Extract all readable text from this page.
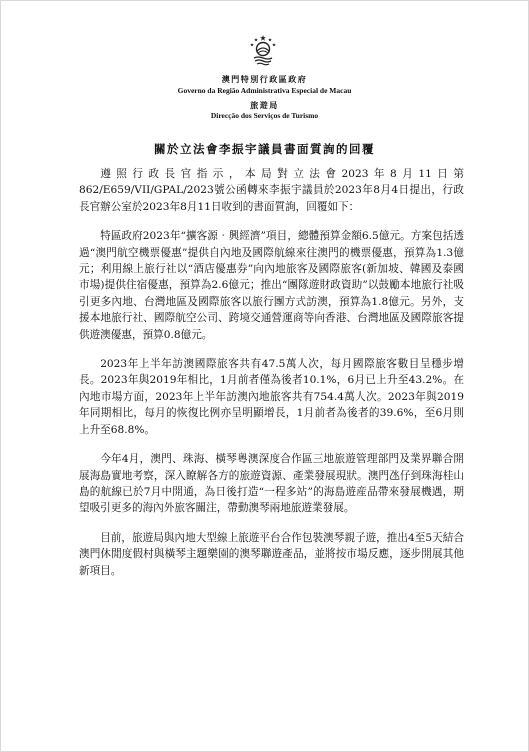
澳門特別行政區政府
Governo da Região Administrativa Especial de Macau
旅遊局
Direcção dos Serviços de Turismo
關於立法會李振宇議員書面質詢的回覆

遵照行政長官指示，本局對立法會2023年8月11日第862/E659/VII/GPAL/2023號公函轉來李振宇議員於2023年8月4日提出，行政長官辦公室於2023年8月11日收到的書面質詢，回覆如下：

特區政府2023年“擴客源‧興經濟”項目，總體預算金額6.5億元。方案包括透過“澳門航空機票優惠”提供自內地及國際航線來往澳門的機票優惠，預算為1.3億元；利用線上旅行社以“酒店優惠券”向內地旅客及國際旅客(新加坡、韓國及泰國市場)提供住宿優惠，預算為2.6億元；推出“團隊遊財政資助”以鼓勵本地旅行社吸引更多內地、台灣地區及國際旅客以旅行團方式訪澳，預算為1.8億元。另外，支援本地旅行社、國際航空公司、跨境交通營運商等向香港、台灣地區及國際旅客提供遊澳優惠，預算0.8億元。

2023年上半年訪澳國際旅客共有47.5萬人次，每月國際旅客數目呈穩步增長。2023年與2019年相比，1月前者僅為後者10.1%，6月已上升至43.2%。在內地市場方面，2023年上半年訪澳內地旅客共有754.4萬人次。2023年與2019年同期相比，每月的恢復比例亦呈明顯增長，1月前者為後者的39.6%，至6月則上升至68.8%。

今年4月，澳門、珠海、橫琴粵澳深度合作區三地旅遊管理部門及業界聯合開展海島實地考察，深入瞭解各方的旅遊資源、產業發展現狀。澳門氹仔到珠海桂山島的航線已於7月中開通，為日後打造“一程多站”的海島遊産品帶來發展機遇，期望吸引更多的海內外旅客關注，帶動澳琴兩地旅遊業發展。

目前，旅遊局與內地大型線上旅遊平台合作包裝澳琴親子遊，推出4至5天結合澳門休閒度假村與橫琴主題樂園的澳琴聯遊產品，並將按市場反應，逐步開展其他新項目。
